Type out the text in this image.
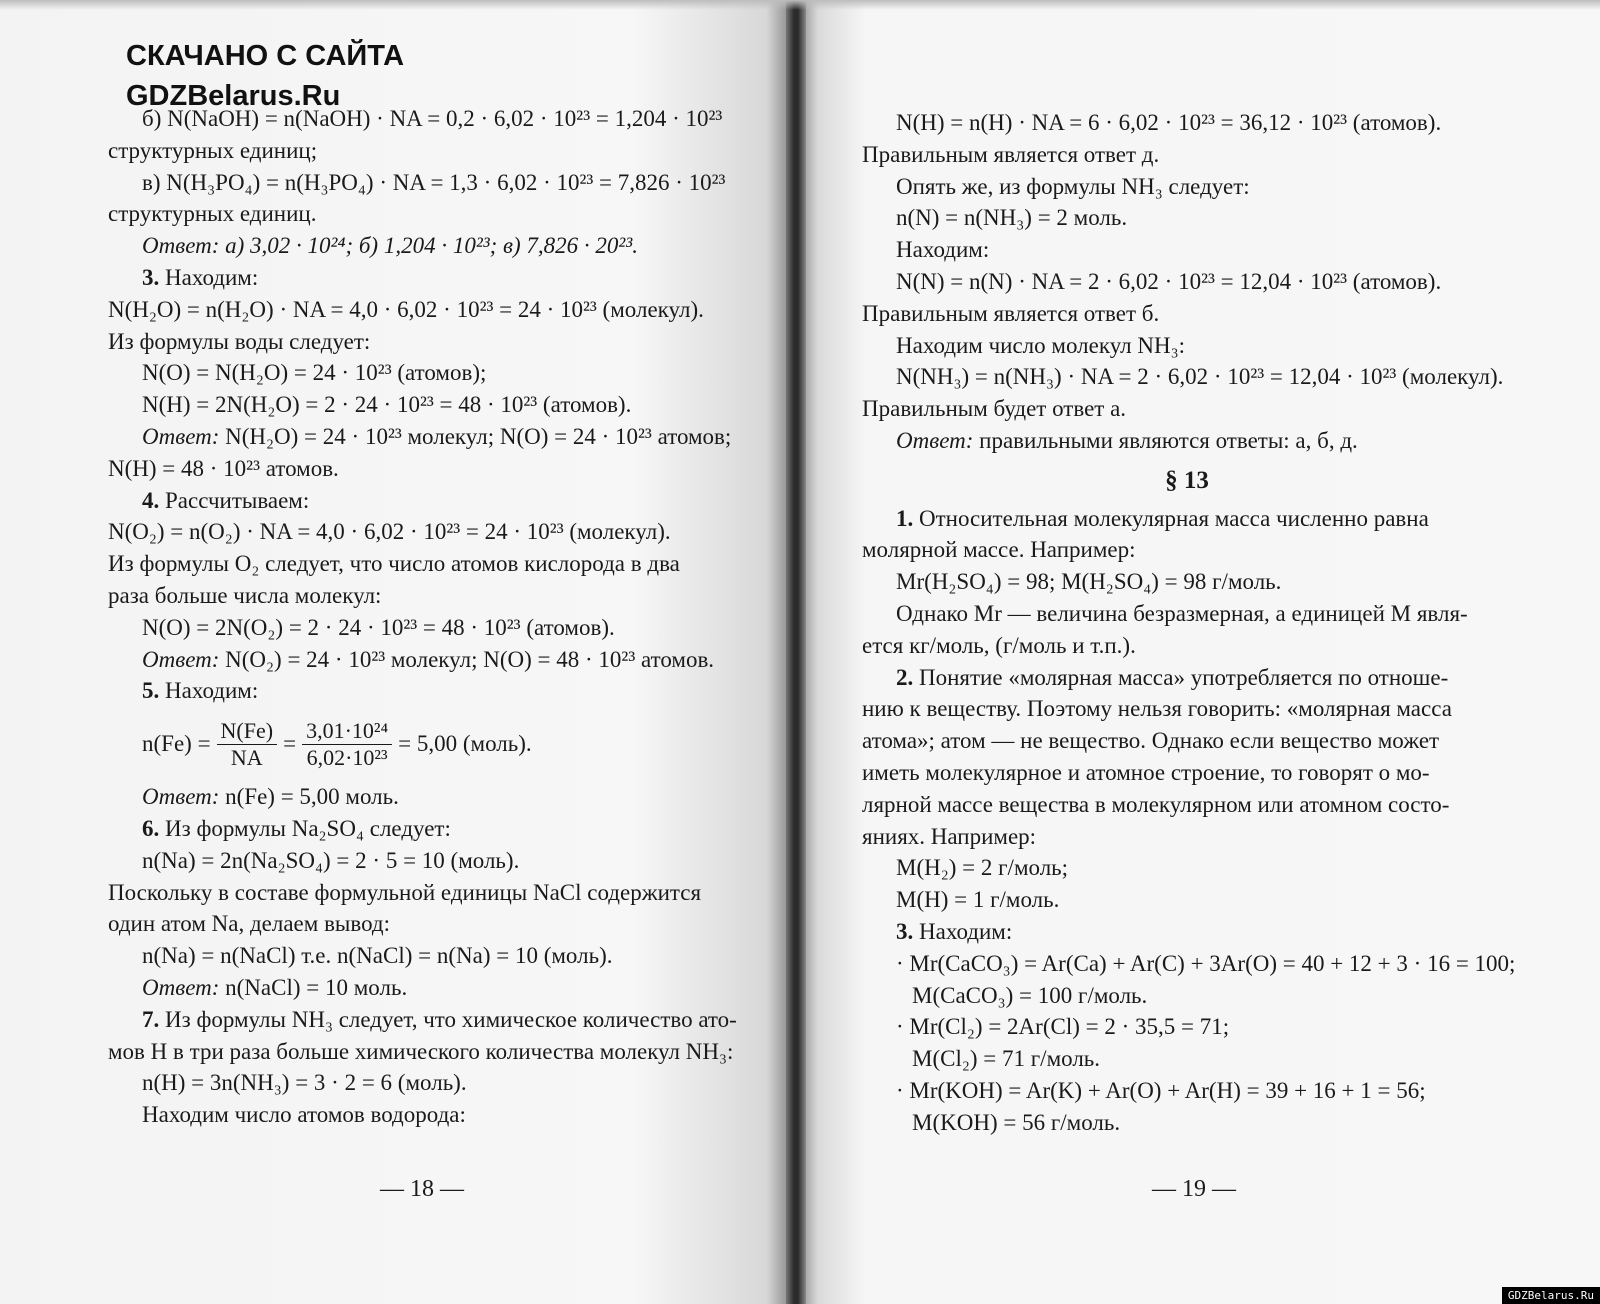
СКАЧАНО С САЙТА
GDZBelarus.Ru
б) N(NaOH) = n(NaOH) · NA = 0,2 · 6,02 · 10²³ = 1,204 · 10²³
структурных единиц;
в) N(H₃PO₄) = n(H₃PO₄) · NA = 1,3 · 6,02 · 10²³ = 7,826 · 10²³
структурных единиц.
Ответ: а) 3,02 · 10²⁴; б) 1,204 · 10²³; в) 7,826 · 20²³.
3. Находим:
N(H₂O) = n(H₂O) · NA = 4,0 · 6,02 · 10²³ = 24 · 10²³ (молекул).
Из формулы воды следует:
N(O) = N(H₂O) = 24 · 10²³ (атомов);
N(H) = 2N(H₂O) = 2 · 24 · 10²³ = 48 · 10²³ (атомов).
Ответ: N(H₂O) = 24 · 10²³ молекул; N(O) = 24 · 10²³ атомов;
N(H) = 48 · 10²³ атомов.
4. Рассчитываем:
N(O₂) = n(O₂) · NA = 4,0 · 6,02 · 10²³ = 24 · 10²³ (молекул).
Из формулы O₂ следует, что число атомов кислорода в два
раза больше числа молекул:
N(O) = 2N(O₂) = 2 · 24 · 10²³ = 48 · 10²³ (атомов).
Ответ: N(O₂) = 24 · 10²³ молекул; N(O) = 48 · 10²³ атомов.
5. Находим:
$n(Fe) = \frac{N(Fe)}{NA} = \frac{\text{3,01·10²⁴}}{\text{6,02·10²³}} = 5,00$ (моль).
Ответ: n(Fe) = 5,00 моль.
6. Из формулы Na₂SO₄ следует:
n(Na) = 2n(Na₂SO₄) = 2 · 5 = 10 (моль).
Поскольку в составе формульной единицы NaCl содержится
один атом Na, делаем вывод:
n(Na) = n(NaCl) т.е. n(NaCl) = n(Na) = 10 (моль).
Ответ: n(NaCl) = 10 моль.
7. Из формулы NH₃ следует, что химическое количество ато-
мов H в три раза больше химического количества молекул NH₃:
n(H) = 3n(NH₃) = 3 · 2 = 6 (моль).
Находим число атомов водорода:
— 18 —
N(H) = n(H) · NA = 6 · 6,02 · 10²³ = 36,12 · 10²³ (атомов).
Правильным является ответ д.
Опять же, из формулы NH₃ следует:
n(N) = n(NH₃) = 2 моль.
Находим:
N(N) = n(N) · NA = 2 · 6,02 · 10²³ = 12,04 · 10²³ (атомов).
Правильным является ответ б.
Находим число молекул NH₃:
N(NH₃) = n(NH₃) · NA = 2 · 6,02 · 10²³ = 12,04 · 10²³ (молекул).
Правильным будет ответ а.
Ответ: правильными являются ответы: а, б, д.
§ 13
1. Относительная молекулярная масса численно равна
молярной массе. Например:
Mr(H₂SO₄) = 98; M(H₂SO₄) = 98 г/моль.
Однако Mr — величина безразмерная, а единицей M явля-
ется кг/моль, (г/моль и т.п.).
2. Понятие «молярная масса» употребляется по отноше-
нию к веществу. Поэтому нельзя говорить: «молярная масса
атома»; атом — не вещество. Однако если вещество может
иметь молекулярное и атомное строение, то говорят о мо-
лярной массе вещества в молекулярном или атомном состо-
яниях. Например:
M(H₂) = 2 г/моль;
M(H) = 1 г/моль.
3. Находим:
· Mr(CaCO₃) = Ar(Ca) + Ar(C) + 3Ar(O) = 40 + 12 + 3 · 16 = 100;
M(CaCO₃) = 100 г/моль.
· Mr(Cl₂) = 2Ar(Cl) = 2 · 35,5 = 71;
M(Cl₂) = 71 г/моль.
· Mr(KOH) = Ar(K) + Ar(O) + Ar(H) = 39 + 16 + 1 = 56;
M(KOH) = 56 г/моль.
— 19 —
GDZBelarus.Ru
